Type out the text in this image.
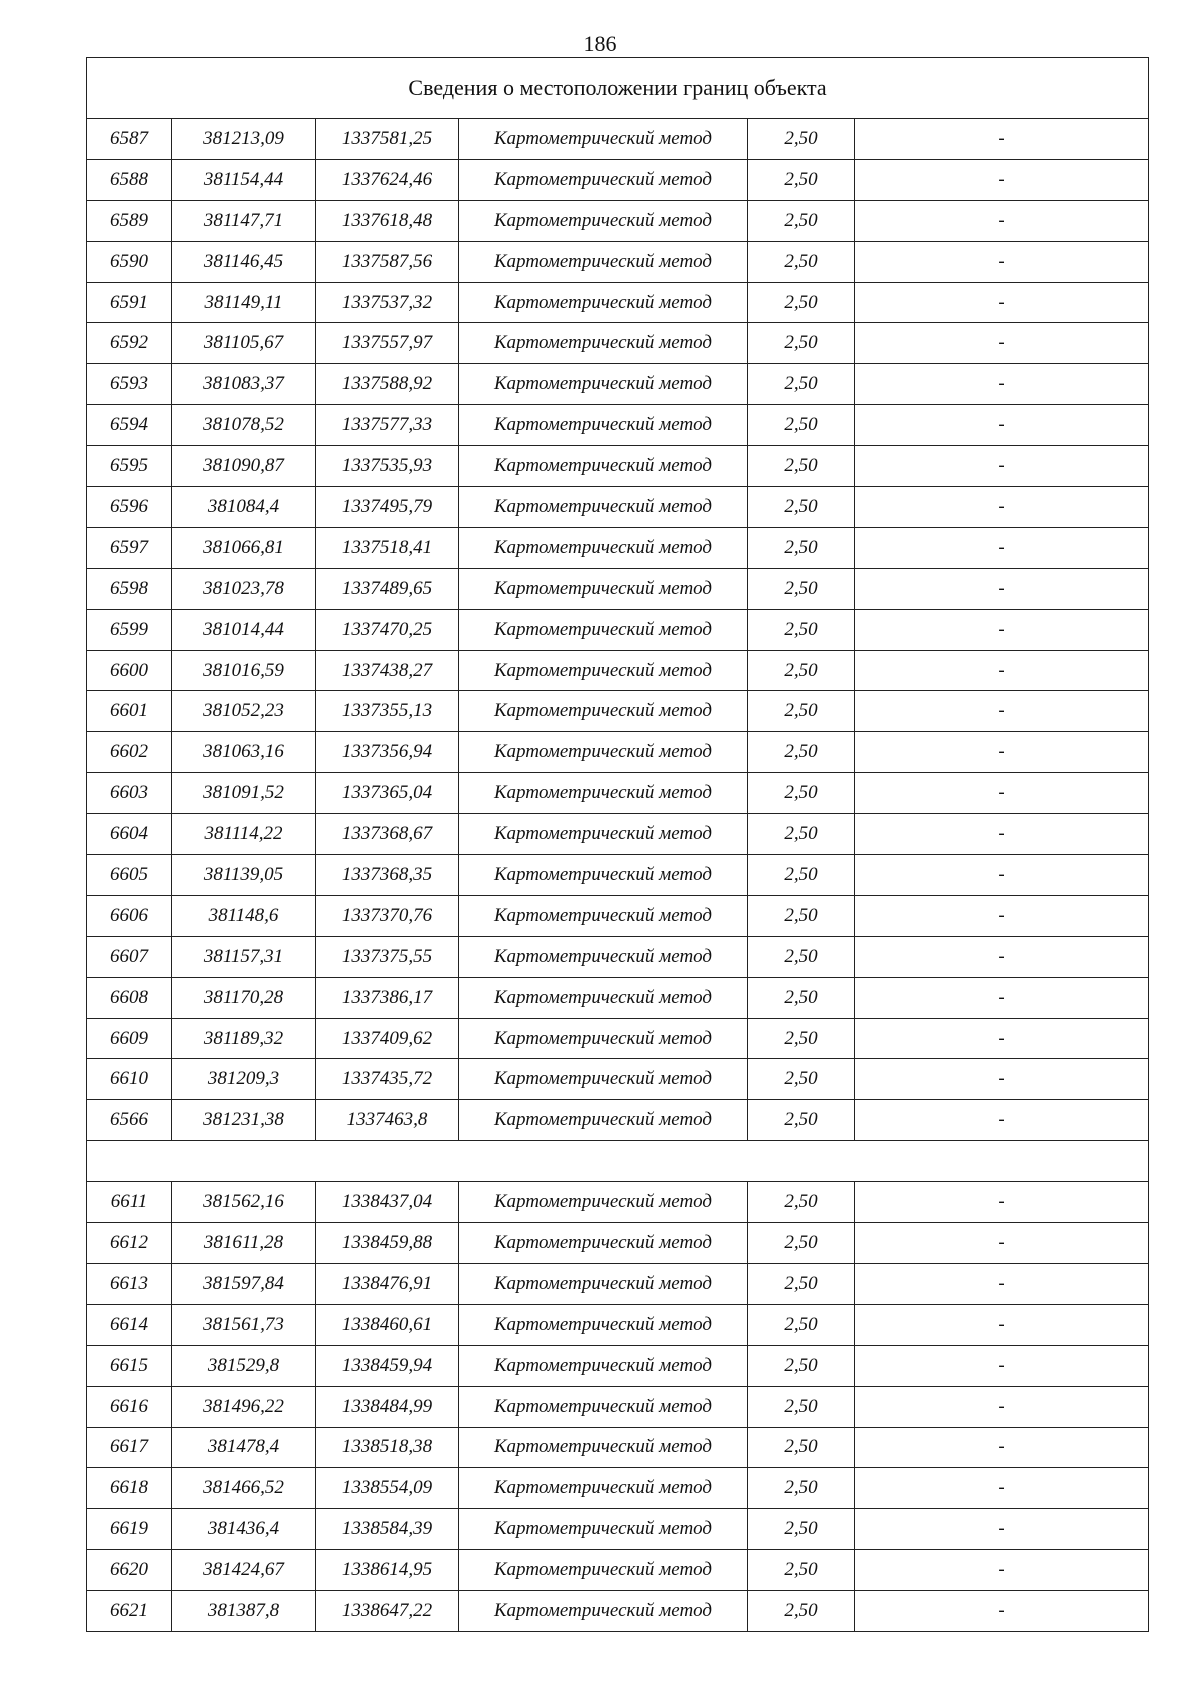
186
Сведения о местоположении границ объекта					
6587	381213,09	1337581,25	Картометрический метод	2,50	-
6588	381154,44	1337624,46	Картометрический метод	2,50	-
6589	381147,71	1337618,48	Картометрический метод	2,50	-
6590	381146,45	1337587,56	Картометрический метод	2,50	-
6591	381149,11	1337537,32	Картометрический метод	2,50	-
6592	381105,67	1337557,97	Картометрический метод	2,50	-
6593	381083,37	1337588,92	Картометрический метод	2,50	-
6594	381078,52	1337577,33	Картометрический метод	2,50	-
6595	381090,87	1337535,93	Картометрический метод	2,50	-
6596	381084,4	1337495,79	Картометрический метод	2,50	-
6597	381066,81	1337518,41	Картометрический метод	2,50	-
6598	381023,78	1337489,65	Картометрический метод	2,50	-
6599	381014,44	1337470,25	Картометрический метод	2,50	-
6600	381016,59	1337438,27	Картометрический метод	2,50	-
6601	381052,23	1337355,13	Картометрический метод	2,50	-
6602	381063,16	1337356,94	Картометрический метод	2,50	-
6603	381091,52	1337365,04	Картометрический метод	2,50	-
6604	381114,22	1337368,67	Картометрический метод	2,50	-
6605	381139,05	1337368,35	Картометрический метод	2,50	-
6606	381148,6	1337370,76	Картометрический метод	2,50	-
6607	381157,31	1337375,55	Картометрический метод	2,50	-
6608	381170,28	1337386,17	Картометрический метод	2,50	-
6609	381189,32	1337409,62	Картометрический метод	2,50	-
6610	381209,3	1337435,72	Картометрический метод	2,50	-
6566	381231,38	1337463,8	Картометрический метод	2,50	-

6611	381562,16	1338437,04	Картометрический метод	2,50	-
6612	381611,28	1338459,88	Картометрический метод	2,50	-
6613	381597,84	1338476,91	Картометрический метод	2,50	-
6614	381561,73	1338460,61	Картометрический метод	2,50	-
6615	381529,8	1338459,94	Картометрический метод	2,50	-
6616	381496,22	1338484,99	Картометрический метод	2,50	-
6617	381478,4	1338518,38	Картометрический метод	2,50	-
6618	381466,52	1338554,09	Картометрический метод	2,50	-
6619	381436,4	1338584,39	Картометрический метод	2,50	-
6620	381424,67	1338614,95	Картометрический метод	2,50	-
6621	381387,8	1338647,22	Картометрический метод	2,50	-
